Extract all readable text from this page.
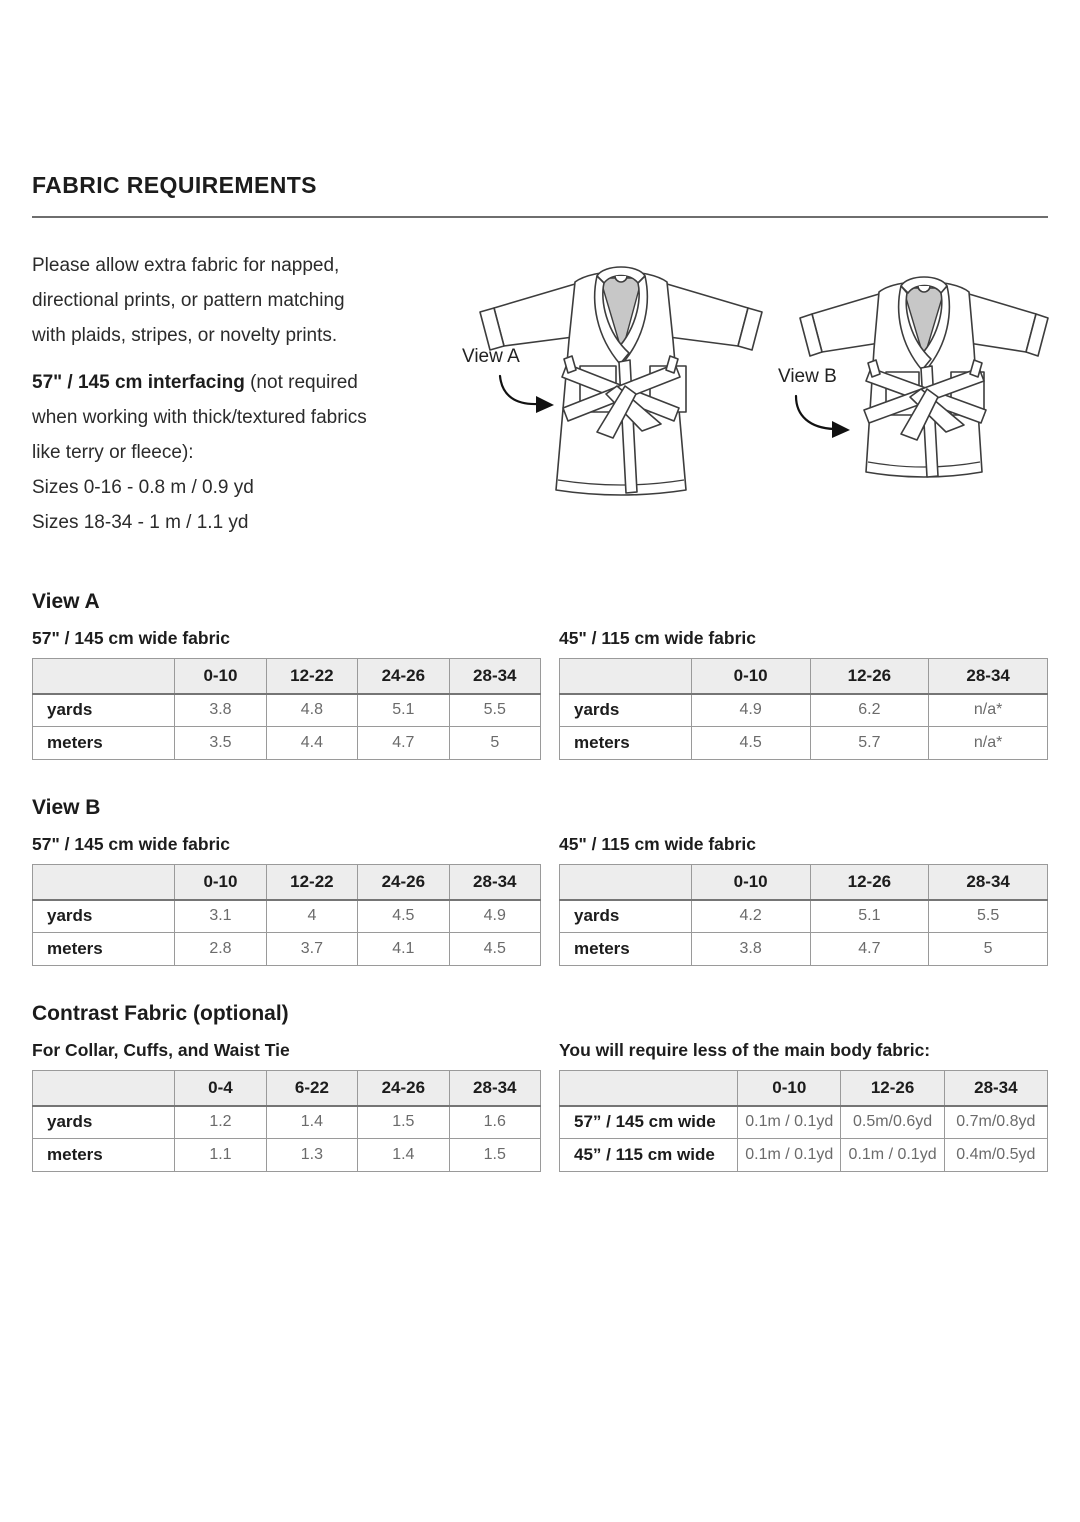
FABRIC REQUIREMENTS
Please allow extra fabric for napped,
directional prints, or pattern matching
with plaids, stripes, or novelty prints.
57" / 145 cm interfacing (not required
when working with thick/textured fabrics
like terry or fleece):
Sizes 0-16 - 0.8 m / 0.9 yd
Sizes 18-34 - 1 m / 1.1 yd
View A
View B
View A
57" / 145 cm wide fabric
	0-10	12-22	24-26	28-34
yards	3.8	4.8	5.1	5.5
meters	3.5	4.4	4.7	5
45" / 115 cm wide fabric
	0-10	12-26	28-34
yards	4.9	6.2	n/a*
meters	4.5	5.7	n/a*
View B
57" / 145 cm wide fabric
	0-10	12-22	24-26	28-34
yards	3.1	4	4.5	4.9
meters	2.8	3.7	4.1	4.5
45" / 115 cm wide fabric
	0-10	12-26	28-34
yards	4.2	5.1	5.5
meters	3.8	4.7	5
Contrast Fabric (optional)
For Collar, Cuffs, and Waist Tie
	0-4	6-22	24-26	28-34
yards	1.2	1.4	1.5	1.6
meters	1.1	1.3	1.4	1.5
You will require less of the main body fabric:
	0-10	12-26	28-34
57” / 145 cm wide	0.1m / 0.1yd	0.5m/0.6yd	0.7m/0.8yd
45” / 115 cm wide	0.1m / 0.1yd	0.1m / 0.1yd	0.4m/0.5yd
